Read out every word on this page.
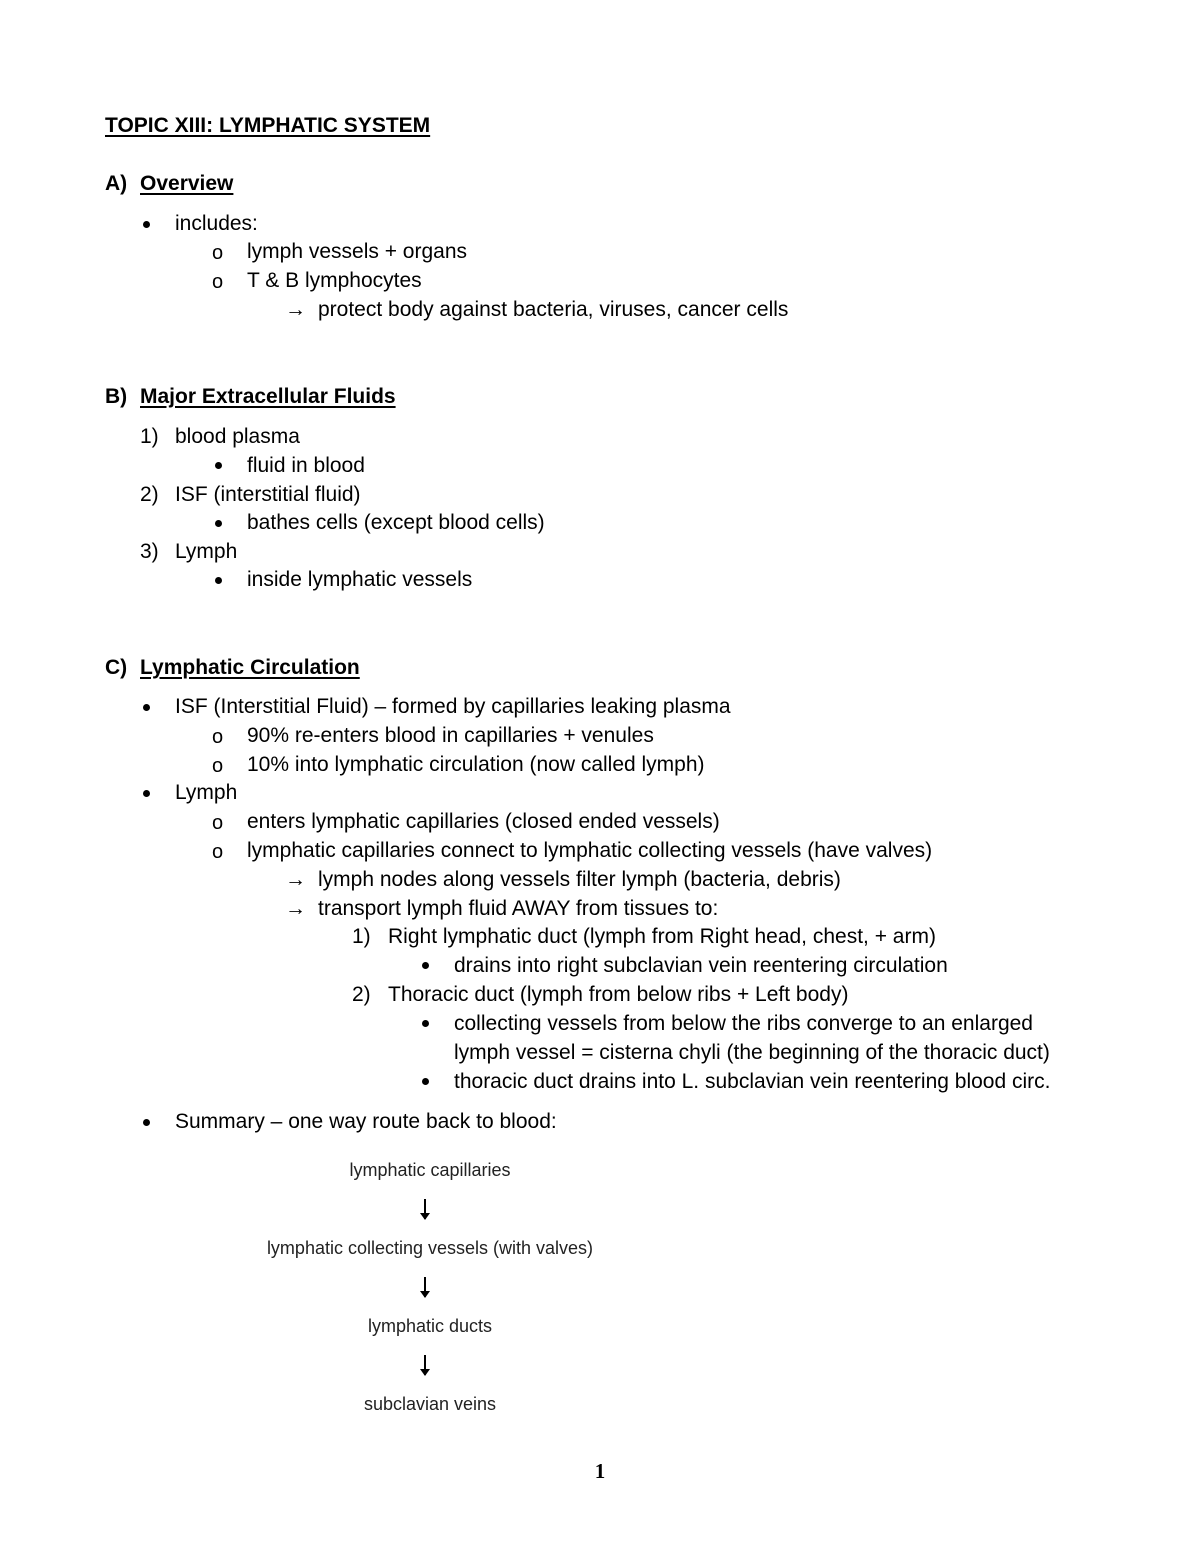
TOPIC XIII: LYMPHATIC SYSTEM
A) Overview
includes:
o lymph vessels + organs
o T & B lymphocytes
→ protect body against bacteria, viruses, cancer cells
B) Major Extracellular Fluids
1) blood plasma
fluid in blood
2) ISF (interstitial fluid)
bathes cells (except blood cells)
3) Lymph
inside lymphatic vessels
C) Lymphatic Circulation
ISF (Interstitial Fluid) – formed by capillaries leaking plasma
o 90% re-enters blood in capillaries + venules
o 10% into lymphatic circulation (now called lymph)
Lymph
o enters lymphatic capillaries (closed ended vessels)
o lymphatic capillaries connect to lymphatic collecting vessels (have valves)
→ lymph nodes along vessels filter lymph (bacteria, debris)
→ transport lymph fluid AWAY from tissues to:
1) Right lymphatic duct (lymph from Right head, chest, + arm)
drains into right subclavian vein reentering circulation
2) Thoracic duct (lymph from below ribs + Left body)
collecting vessels from below the ribs converge to an enlarged
lymph vessel = cisterna chyli (the beginning of the thoracic duct)
thoracic duct drains into L. subclavian vein reentering blood circ.
Summary – one way route back to blood:
lymphatic capillaries
lymphatic collecting vessels (with valves)
lymphatic ducts
subclavian veins
1
